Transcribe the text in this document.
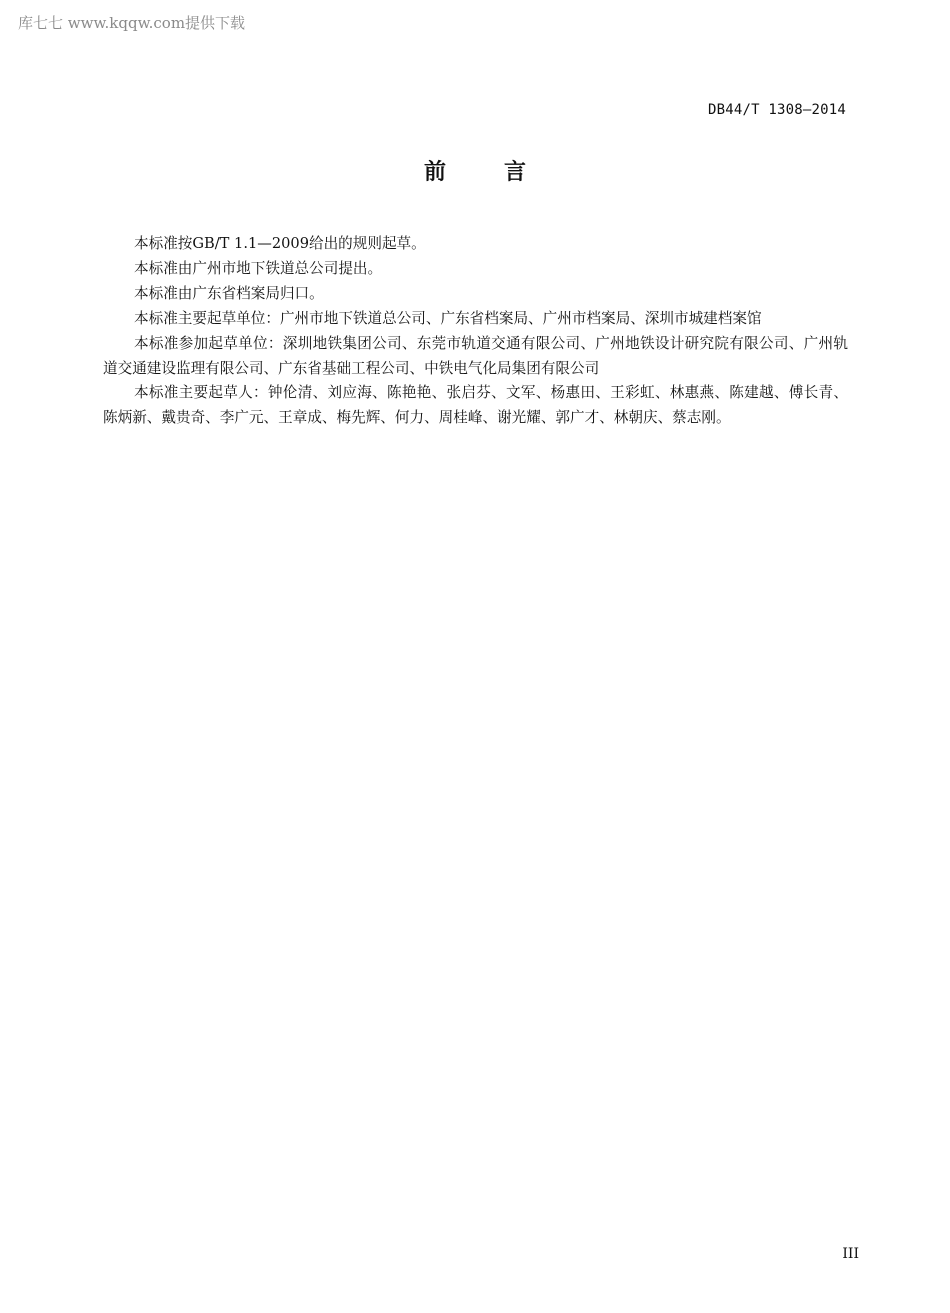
库七七 www.kqqw.com提供下载
DB44/T 1308—2014
前	言

本标准按GB/T 1.1—2009给出的规则起草。

本标准由广州市地下铁道总公司提出。

本标准由广东省档案局归口。

本标准主要起草单位：广州市地下铁道总公司、广东省档案局、广州市档案局、深圳市城建档案馆

本标准参加起草单位：深圳地铁集团公司、东莞市轨道交通有限公司、广州地铁设计研究院有限公司、广州轨道交通建设监理有限公司、广东省基础工程公司、中铁电气化局集团有限公司

本标准主要起草人：钟伦清、刘应海、陈艳艳、张启芬、文军、杨惠田、王彩虹、林惠燕、陈建越、傅长青、陈炳新、戴贵奇、李广元、王章成、梅先辉、何力、周桂峰、谢光耀、郭广才、林朝庆、蔡志刚。

III
